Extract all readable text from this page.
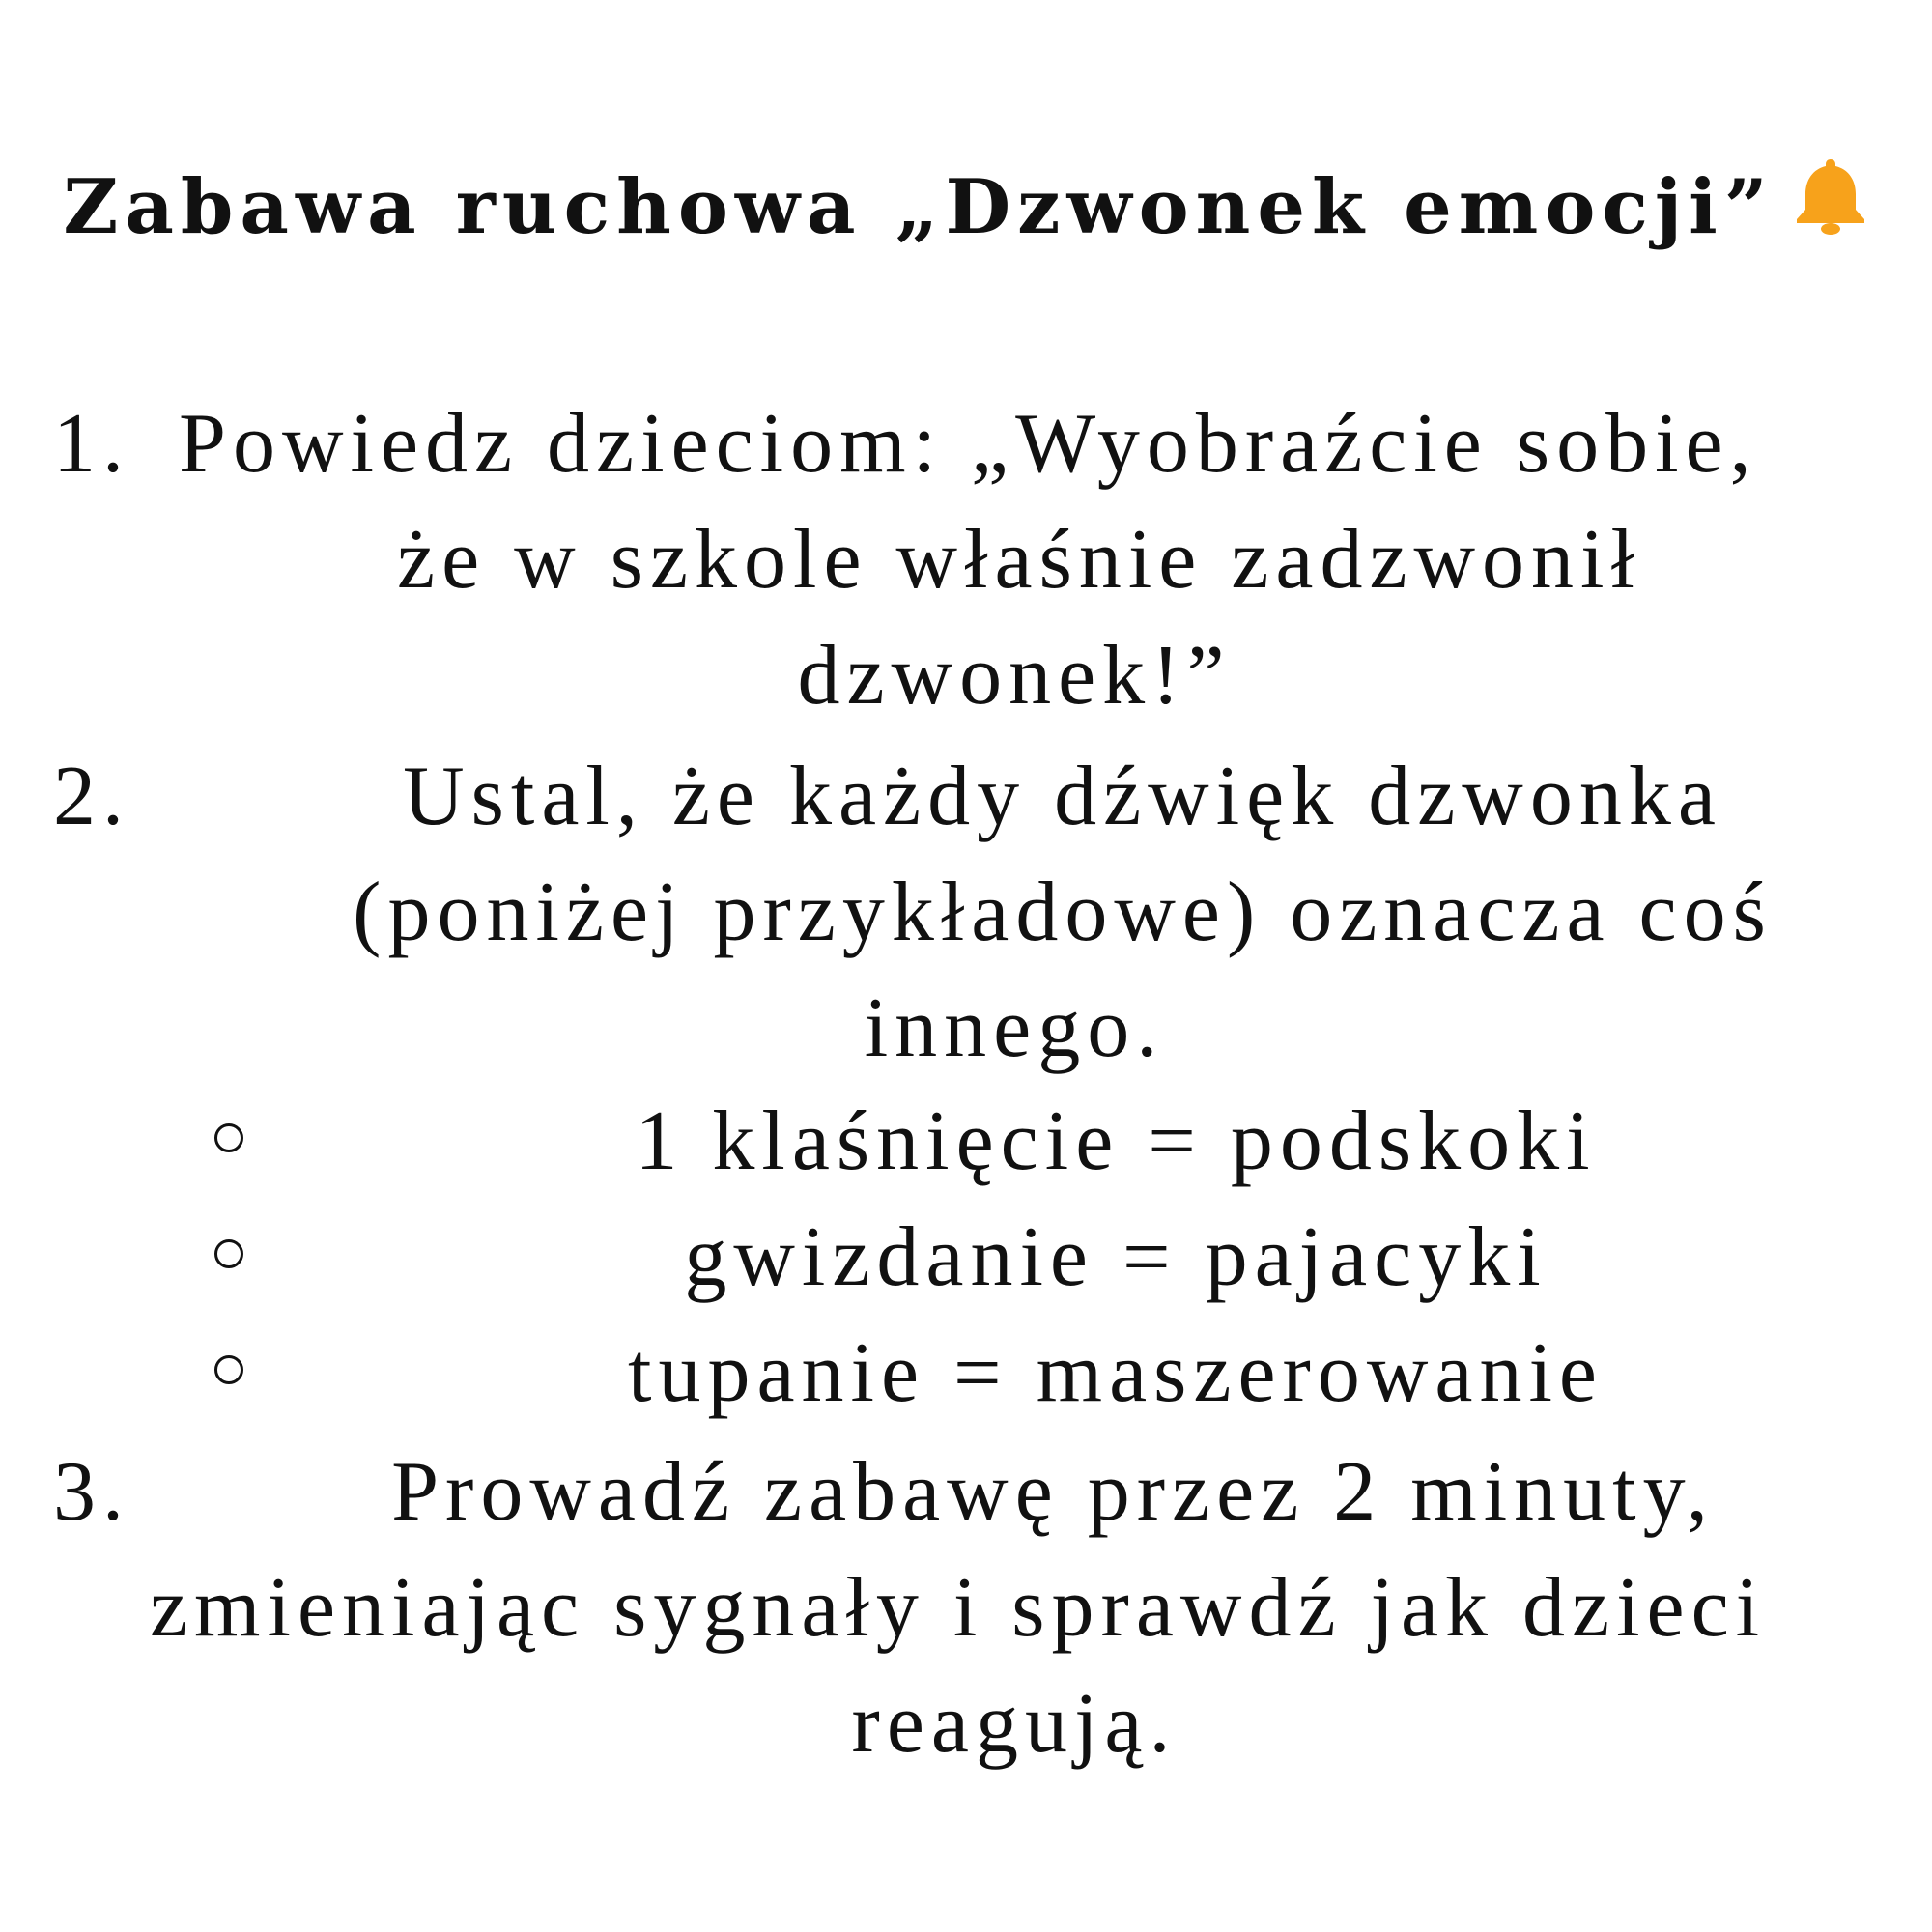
Zabawa ruchowa „Dzwonek emocji”
1. Powiedz dzieciom: „Wyobraźcie sobie,
że w szkole właśnie zadzwonił
dzwonek!”
2.	Ustal, że każdy dźwięk dzwonka
(poniżej przykładowe) oznacza coś
innego.
1 klaśnięcie = podskoki
gwizdanie = pajacyki
tupanie = maszerowanie
3.	Prowadź zabawę przez 2 minuty,
zmieniając sygnały i sprawdź jak dzieci
reagują.
